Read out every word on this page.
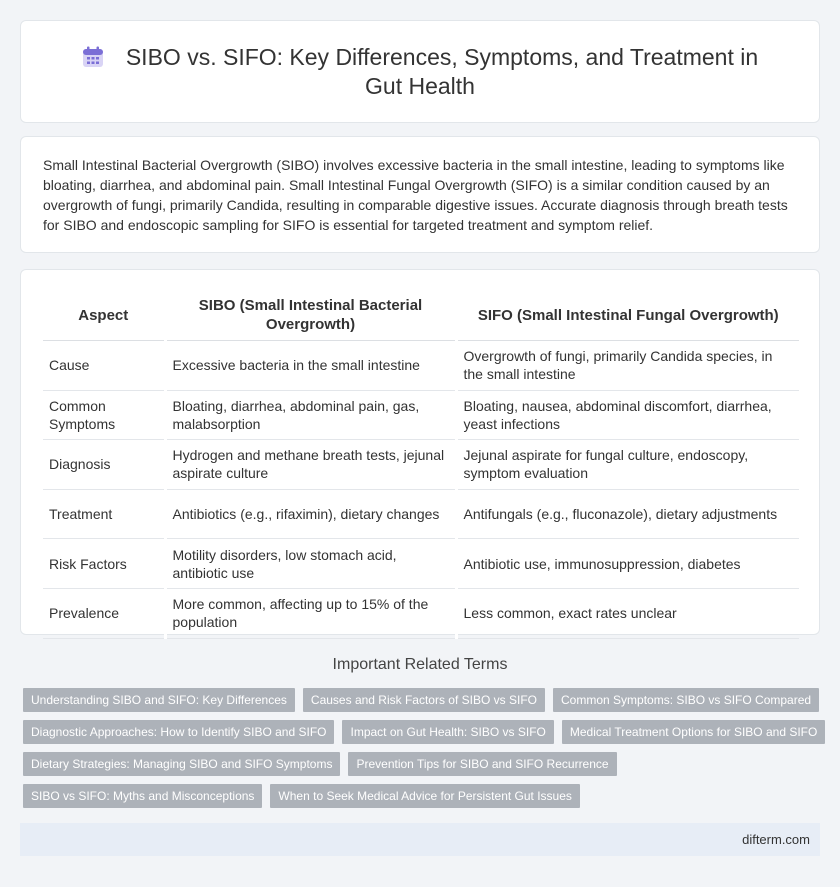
SIBO vs. SIFO: Key Differences, Symptoms, and Treatment in Gut Health

Small Intestinal Bacterial Overgrowth (SIBO) involves excessive bacteria in the small intestine, leading to symptoms like bloating, diarrhea, and abdominal pain. Small Intestinal Fungal Overgrowth (SIFO) is a similar condition caused by an overgrowth of fungi, primarily Candida, resulting in comparable digestive issues. Accurate diagnosis through breath tests for SIBO and endoscopic sampling for SIFO is essential for targeted treatment and symptom relief.

Aspect	SIBO (Small Intestinal Bacterial Overgrowth)	SIFO (Small Intestinal Fungal Overgrowth)
Cause	Excessive bacteria in the small intestine	Overgrowth of fungi, primarily Candida species, in the small intestine
Common Symptoms	Bloating, diarrhea, abdominal pain, gas, malabsorption	Bloating, nausea, abdominal discomfort, diarrhea, yeast infections
Diagnosis	Hydrogen and methane breath tests, jejunal aspirate culture	Jejunal aspirate for fungal culture, endoscopy, symptom evaluation
Treatment	Antibiotics (e.g., rifaximin), dietary changes	Antifungals (e.g., fluconazole), dietary adjustments
Risk Factors	Motility disorders, low stomach acid, antibiotic use	Antibiotic use, immunosuppression, diabetes
Prevalence	More common, affecting up to 15% of the population	Less common, exact rates unclear
Important Related Terms
Understanding SIBO and SIFO: Key Differences	Causes and Risk Factors of SIBO vs SIFO	Common Symptoms: SIBO vs SIFO Compared
Diagnostic Approaches: How to Identify SIBO and SIFO	Impact on Gut Health: SIBO vs SIFO	Medical Treatment Options for SIBO and SIFO
Dietary Strategies: Managing SIBO and SIFO Symptoms	Prevention Tips for SIBO and SIFO Recurrence
SIBO vs SIFO: Myths and Misconceptions	When to Seek Medical Advice for Persistent Gut Issues
difterm.com
